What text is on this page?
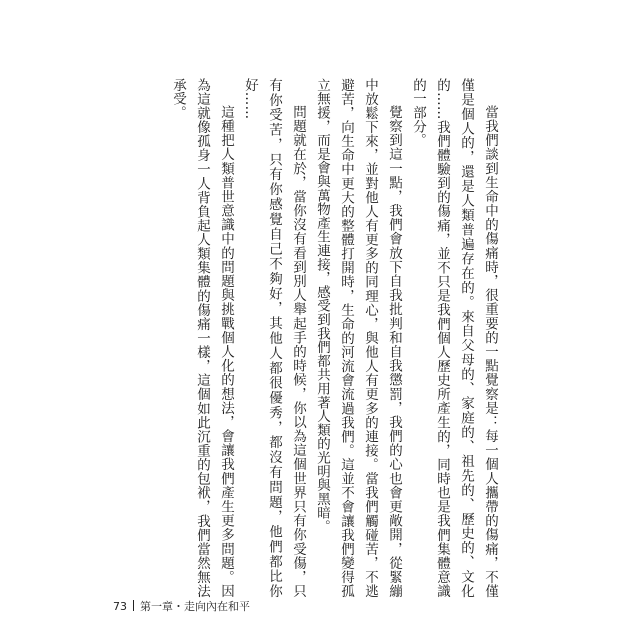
當我們談到生命中的傷痛時，很重要的一點覺察是：每一個人攜帶的傷痛，不僅僅是個人的，還是人類普遍存在的。來自父母的、家庭的、祖先的、歷史的、文化的……我們體驗到的傷痛，並不只是我們個人歷史所產生的，同時也是我們集體意識的一部分。

覺察到這一點，我們會放下自我批判和自我懲罰，我們的心也會更敞開，從緊繃中放鬆下來，並對他人有更多的同理心，與他人有更多的連接。當我們觸碰苦，不逃避苦，向生命中更大的整體打開時，生命的河流會流過我們。這並不會讓我們變得孤立無援，而是會與萬物產生連接，感受到我們都共用著人類的光明與黑暗。

問題就在於，當你沒有看到別人舉起手的時候，你以為這個世界只有你受傷，只有你受苦，只有你感覺自己不夠好，其他人都很優秀，都沒有問題，他們都比你好……

這種把人類普世意識中的問題與挑戰個人化的想法，會讓我們產生更多問題。因為這就像孤身一人背負起人類集體的傷痛一樣，這個如此沉重的包袱，我們當然無法承受。

73 第一章・走向內在和平
